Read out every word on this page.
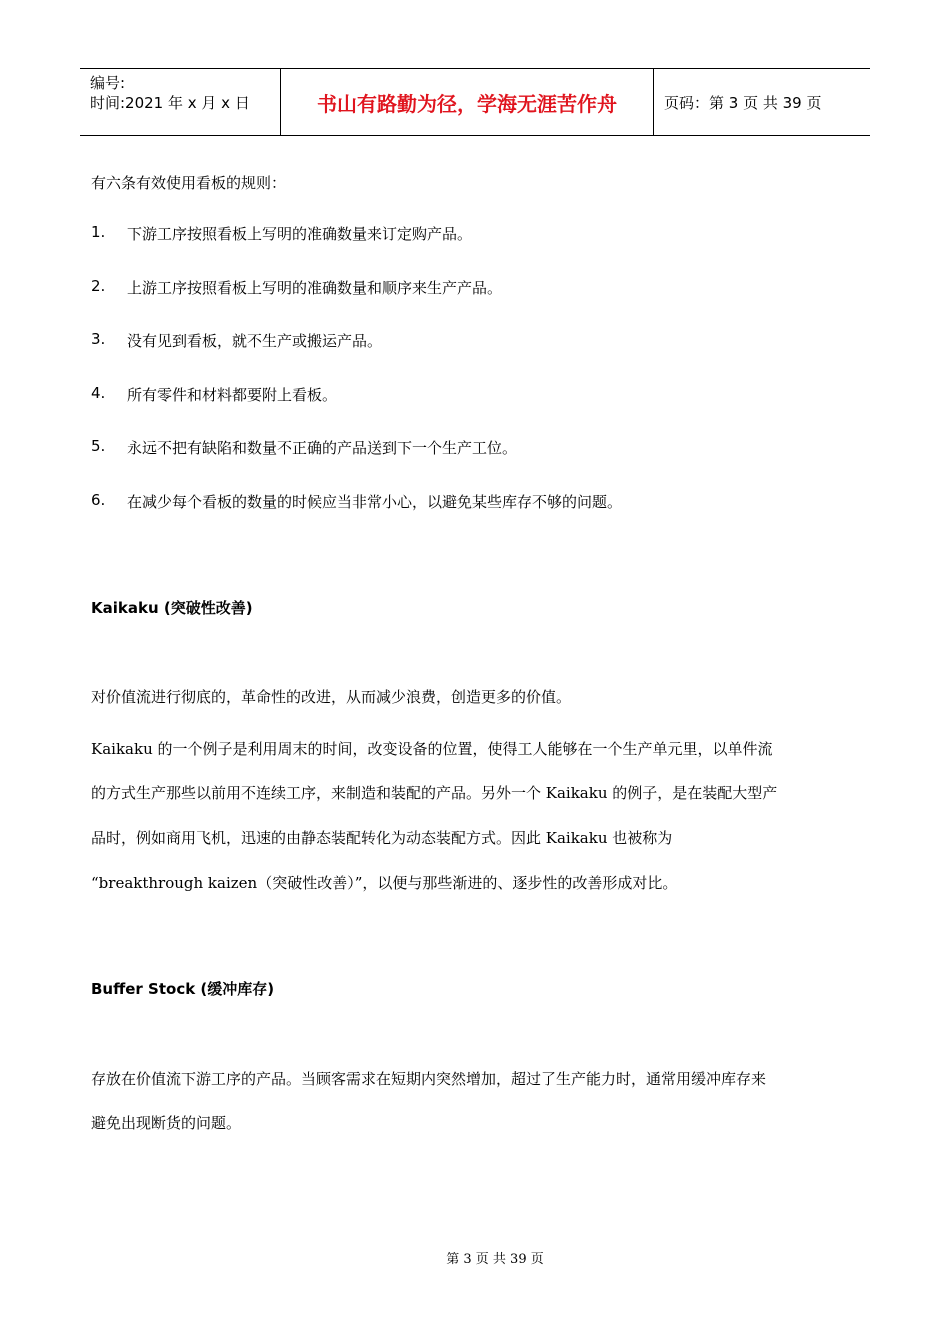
编号:
时间:2021 年 x 月 x 日	书山有路勤为径，学海无涯苦作舟	页码：第 3 页 共 39 页
有六条有效使用看板的规则：
1. 下游工序按照看板上写明的准确数量来订定购产品。
2. 上游工序按照看板上写明的准确数量和顺序来生产产品。
3. 没有见到看板，就不生产或搬运产品。
4. 所有零件和材料都要附上看板。
5. 永远不把有缺陷和数量不正确的产品送到下一个生产工位。
6. 在减少每个看板的数量的时候应当非常小心，以避免某些库存不够的问题。
Kaikaku (突破性改善)
对价值流进行彻底的，革命性的改进，从而减少浪费，创造更多的价值。
Kaikaku 的一个例子是利用周末的时间，改变设备的位置，使得工人能够在一个生产单元里，以单件流
的方式生产那些以前用不连续工序，来制造和装配的产品。另外一个 Kaikaku 的例子，是在装配大型产
品时，例如商用飞机，迅速的由静态装配转化为动态装配方式。因此 Kaikaku 也被称为
“breakthrough kaizen（突破性改善）”，以便与那些渐进的、逐步性的改善形成对比。
Buffer Stock (缓冲库存)
存放在价值流下游工序的产品。当顾客需求在短期内突然增加，超过了生产能力时，通常用缓冲库存来
避免出现断货的问题。
第 3 页 共 39 页
